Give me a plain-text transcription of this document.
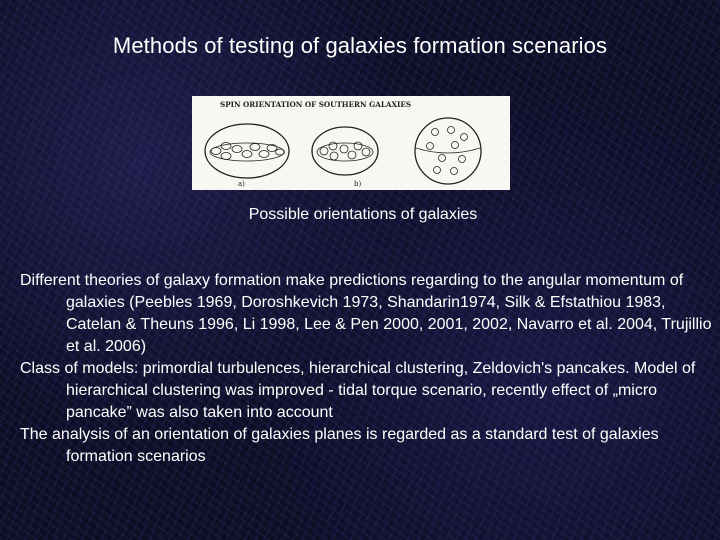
Methods of testing of galaxies formation scenarios
SPIN ORIENTATION OF SOUTHERN GALAXIES
a)	b)
Possible orientations of galaxies

Different theories of galaxy formation make predictions regarding to the angular momentum of galaxies (Peebles 1969, Doroshkevich 1973, Shandarin1974, Silk & Efstathiou 1983, Catelan & Theuns 1996, Li 1998, Lee & Pen 2000, 2001, 2002, Navarro et al. 2004, Trujillio et al. 2006)

Class of models: primordial turbulences, hierarchical clustering, Zeldovich's pancakes. Model of hierarchical clustering was improved - tidal torque scenario, recently effect of „micro pancake” was also taken into account

The analysis of an orientation of galaxies planes is regarded as a standard test of galaxies formation scenarios
